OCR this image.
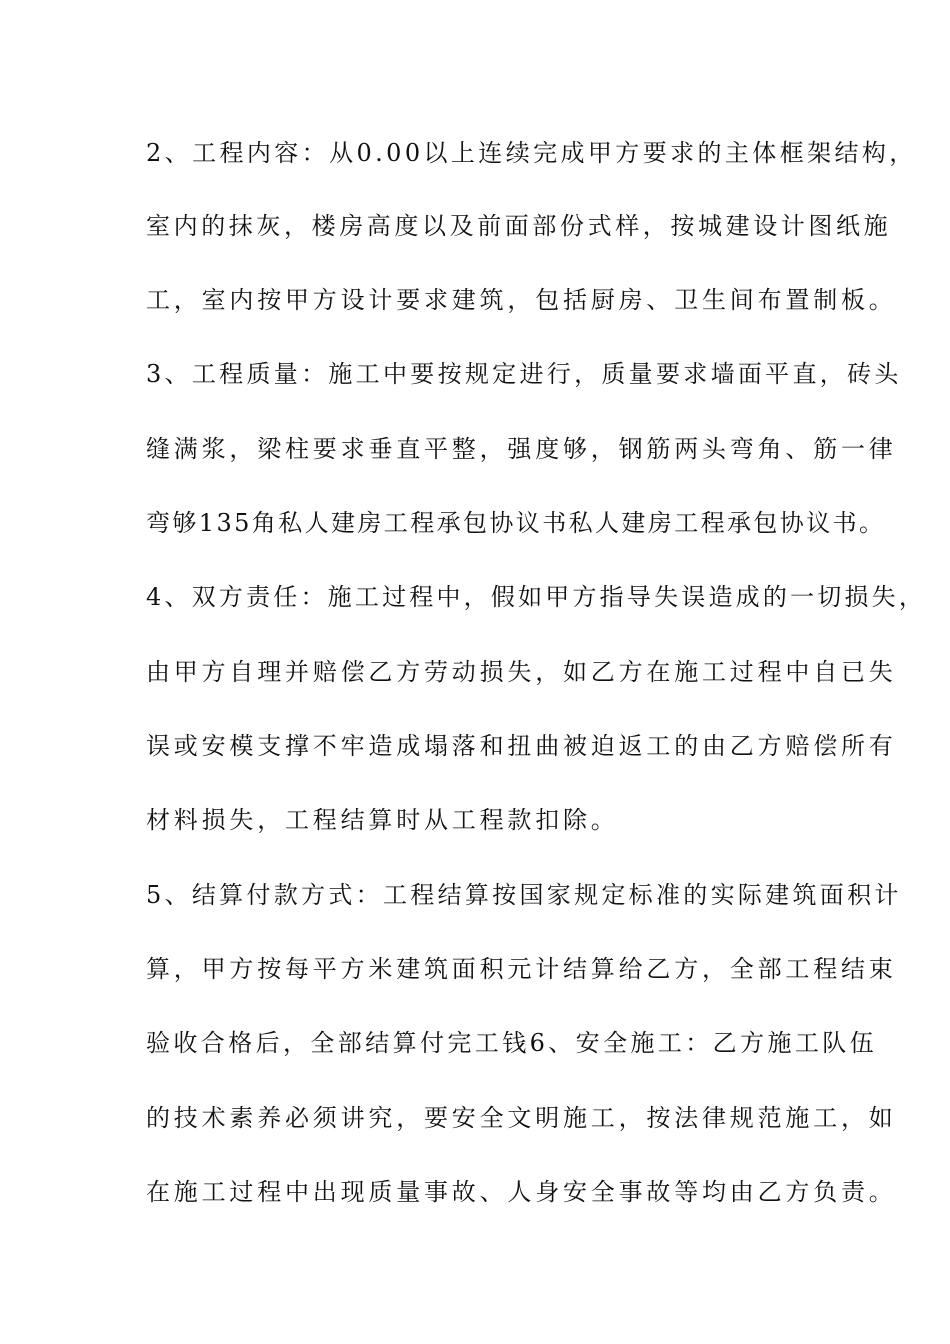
2、工程内容：从0.00以上连续完成甲方要求的主体框架结构，
室内的抹灰，楼房高度以及前面部份式样，按城建设计图纸施
工，室内按甲方设计要求建筑，包括厨房、卫生间布置制板。
3、工程质量：施工中要按规定进行，质量要求墙面平直，砖头
缝满浆，梁柱要求垂直平整，强度够，钢筋两头弯角、筋一律
弯够135角私人建房工程承包协议书私人建房工程承包协议书。
4、双方责任：施工过程中，假如甲方指导失误造成的一切损失，
由甲方自理并赔偿乙方劳动损失，如乙方在施工过程中自已失
误或安模支撑不牢造成塌落和扭曲被迫返工的由乙方赔偿所有
材料损失，工程结算时从工程款扣除。
5、结算付款方式：工程结算按国家规定标准的实际建筑面积计
算，甲方按每平方米建筑面积元计结算给乙方，全部工程结束
验收合格后，全部结算付完工钱6、安全施工：乙方施工队伍
的技术素养必须讲究，要安全文明施工，按法律规范施工，如
在施工过程中出现质量事故、人身安全事故等均由乙方负责。
